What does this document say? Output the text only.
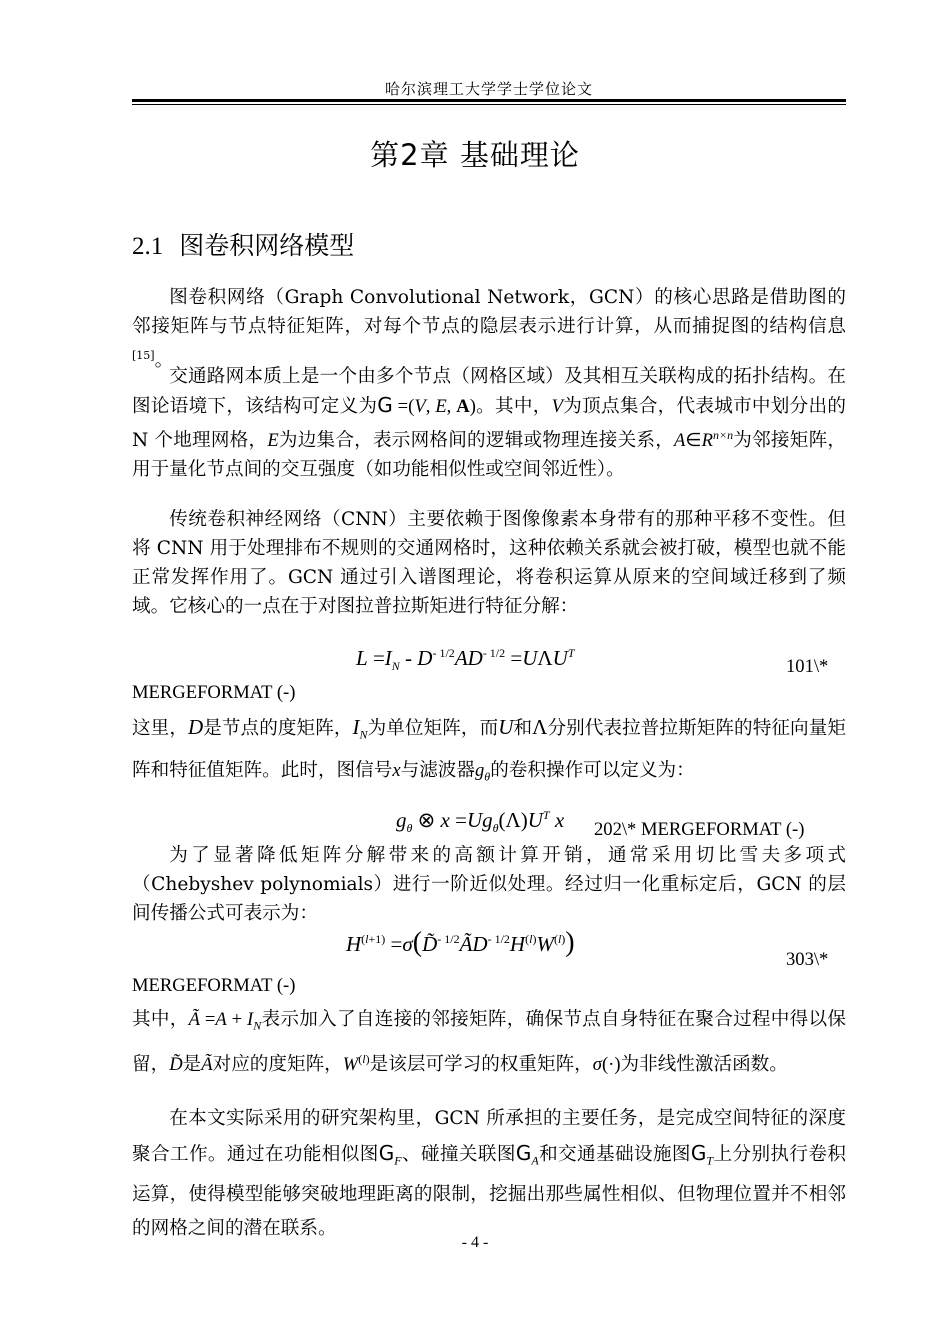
哈尔滨理工大学学士学位论文
第2章 基础理论
2.1 图卷积网络模型

图卷积网络（Graph Convolutional Network，GCN）的核心思路是借助图的邻接矩阵与节点特征矩阵，对每个节点的隐层表示进行计算，从而捕捉图的结构信息[15]。

交通路网本质上是一个由多个节点（网格区域）及其相互关联构成的拓扑结构。在图论语境下，该结构可定义为G =(V, E, A)。其中，V为顶点集合，代表城市中划分出的 N 个地理网格，E为边集合，表示网格间的逻辑或物理连接关系，$A\in R^{n\times n}$为邻接矩阵，用于量化节点间的交互强度（如功能相似性或空间邻近性）。

传统卷积神经网络（CNN）主要依赖于图像像素本身带有的那种平移不变性。但将 CNN 用于处理排布不规则的交通网格时，这种依赖关系就会被打破，模型也就不能正常发挥作用了。GCN 通过引入谱图理论，将卷积运算从原来的空间域迁移到了频域。它核心的一点在于对图拉普拉斯矩进行特征分解：

$L =I_N - D^{- 1/2}AD^{- 1/2} =U\Lambda U^T$
101\*
MERGEFORMAT (-)

这里，D是节点的度矩阵，$I_N$为单位矩阵，而U和Λ分别代表拉普拉斯矩阵的特征向量矩阵和特征值矩阵。此时，图信号x与滤波器$g_\theta$的卷积操作可以定义为：

$g_\theta$ ⊗ $x =Ug_\theta(\Lambda)U^T$ x 202\* MERGEFORMAT (-)

为了显著降低矩阵分解带来的高额计算开销，通常采用切比雪夫多项式（Chebyshev polynomials）进行一阶近似处理。经过归一化重标定后，GCN 的层间传播公式可表示为：

$H^{(l+1)}$ $=\sigma(D̃^{- 1/2}ÃD^{- 1/2}H^{(l)}W^{(l)})$
303\*
MERGEFORMAT (-)

其中，Ã $=A + I_N$表示加入了自连接的邻接矩阵，确保节点自身特征在聚合过程中得以保留，D̃是Ã对应的度矩阵，$W^{(l)}$是该层可学习的权重矩阵，σ(·)为非线性激活函数。

在本文实际采用的研究架构里，GCN 所承担的主要任务，是完成空间特征的深度聚合工作。通过在功能相似图$G_F$、碰撞关联图$G_A$和交通基础设施图$G_T$上分别执行卷积运算，使得模型能够突破地理距离的限制，挖掘出那些属性相似、但物理位置并不相邻的网格之间的潜在联系。

- 4 -
